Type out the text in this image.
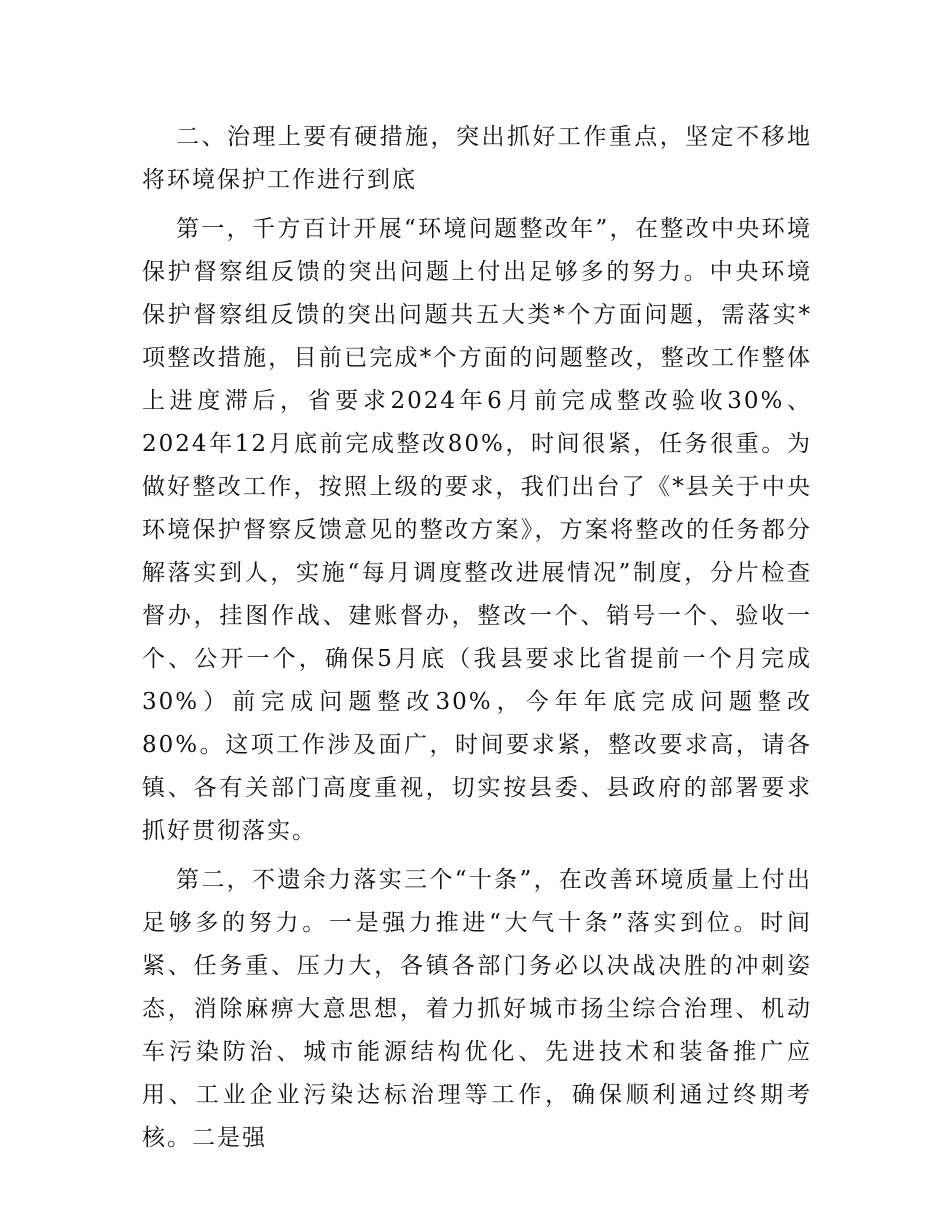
二、治理上要有硬措施，突出抓好工作重点，坚定不移地将环境保护工作进行到底

第一，千方百计开展“环境问题整改年”，在整改中央环境保护督察组反馈的突出问题上付出足够多的努力。中央环境保护督察组反馈的突出问题共五大类*个方面问题，需落实*项整改措施，目前已完成*个方面的问题整改，整改工作整体上进度滞后，省要求2024年6月前完成整改验收30%、2024年12月底前完成整改80%，时间很紧，任务很重。为做好整改工作，按照上级的要求，我们出台了《*县关于中央环境保护督察反馈意见的整改方案》，方案将整改的任务都分解落实到人，实施“每月调度整改进展情况”制度，分片检查督办，挂图作战、建账督办，整改一个、销号一个、验收一个、公开一个，确保5月底（我县要求比省提前一个月完成30%）前完成问题整改30%，今年年底完成问题整改80%。这项工作涉及面广，时间要求紧，整改要求高，请各镇、各有关部门高度重视，切实按县委、县政府的部署要求抓好贯彻落实。

第二，不遗余力落实三个“十条”，在改善环境质量上付出足够多的努力。一是强力推进“大气十条”落实到位。时间紧、任务重、压力大，各镇各部门务必以决战决胜的冲刺姿态，消除麻痹大意思想，着力抓好城市扬尘综合治理、机动车污染防治、城市能源结构优化、先进技术和装备推广应用、工业企业污染达标治理等工作，确保顺利通过终期考核。二是强
